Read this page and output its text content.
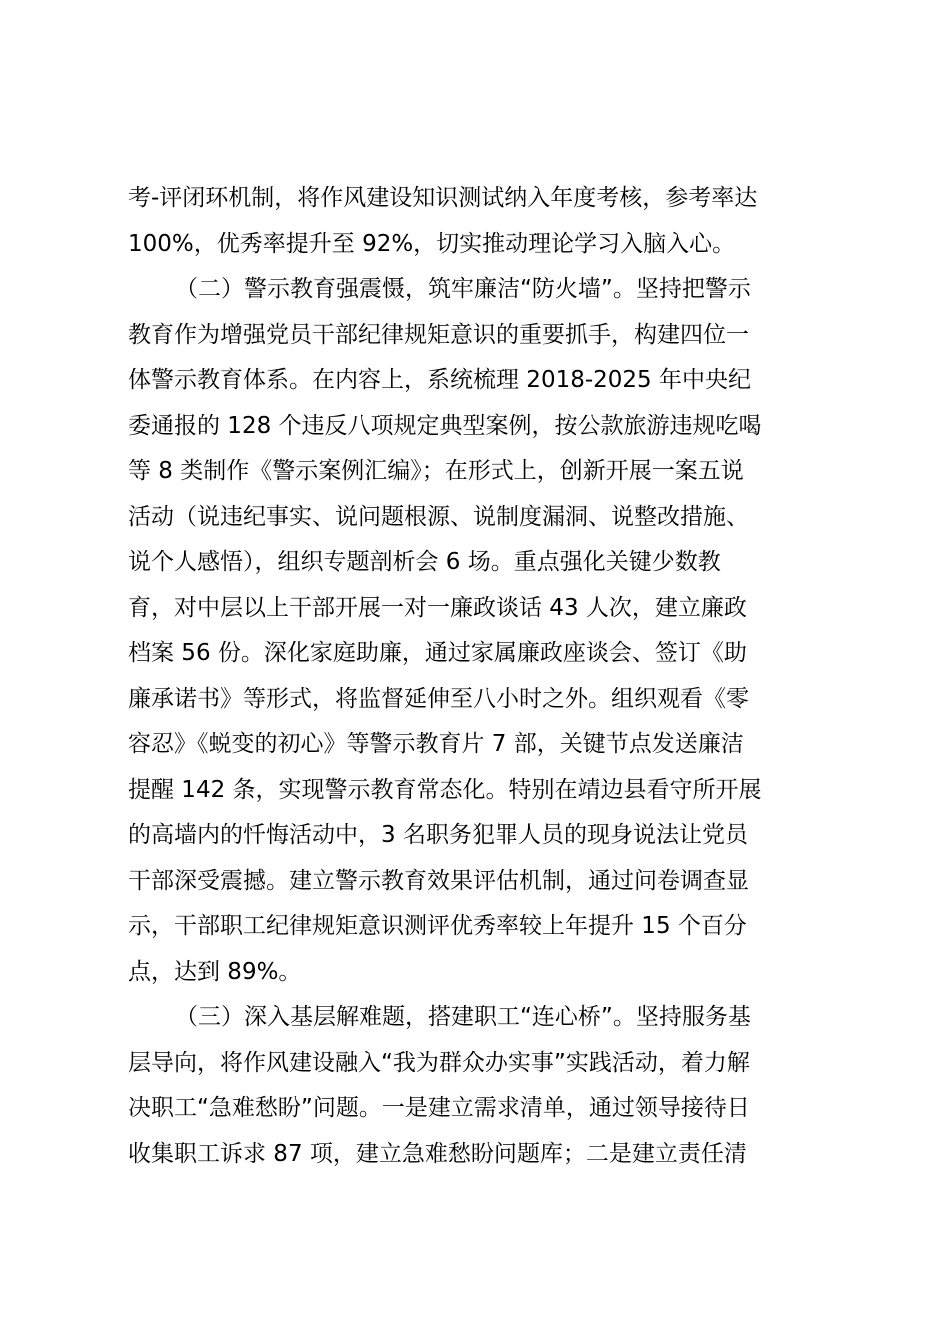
考-评闭环机制，将作风建设知识测试纳入年度考核，参考率达
100%，优秀率提升至 92%，切实推动理论学习入脑入心。
（二）警示教育强震慑，筑牢廉洁“防火墙”。坚持把警示
教育作为增强党员干部纪律规矩意识的重要抓手，构建四位一
体警示教育体系。在内容上，系统梳理 2018-2025 年中央纪
委通报的 128 个违反八项规定典型案例，按公款旅游违规吃喝
等 8 类制作《警示案例汇编》；在形式上，创新开展一案五说
活动（说违纪事实、说问题根源、说制度漏洞、说整改措施、
说个人感悟），组织专题剖析会 6 场。重点强化关键少数教
育，对中层以上干部开展一对一廉政谈话 43 人次，建立廉政
档案 56 份。深化家庭助廉，通过家属廉政座谈会、签订《助
廉承诺书》等形式，将监督延伸至八小时之外。组织观看《零
容忍》《蜕变的初心》等警示教育片 7 部，关键节点发送廉洁
提醒 142 条，实现警示教育常态化。特别在靖边县看守所开展
的高墙内的忏悔活动中，3 名职务犯罪人员的现身说法让党员
干部深受震撼。建立警示教育效果评估机制，通过问卷调查显
示，干部职工纪律规矩意识测评优秀率较上年提升 15 个百分
点，达到 89%。
（三）深入基层解难题，搭建职工“连心桥”。坚持服务基
层导向，将作风建设融入“我为群众办实事”实践活动，着力解
决职工“急难愁盼”问题。一是建立需求清单，通过领导接待日
收集职工诉求 87 项，建立急难愁盼问题库；二是建立责任清
